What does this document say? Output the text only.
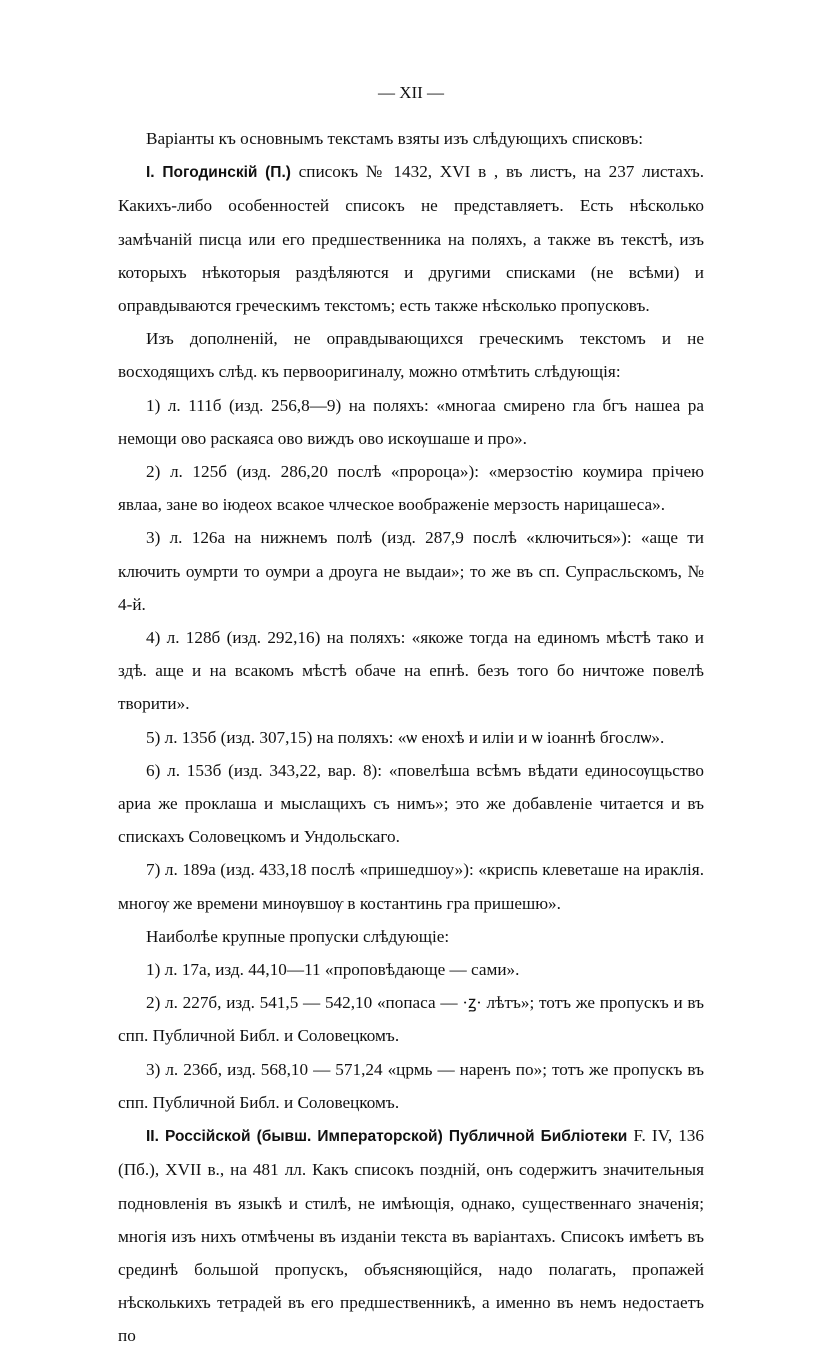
— XII —

Варіанты къ основнымъ текстамъ взяты изъ слѣдующихъ списковъ:

I. Погодинскій (П.) списокъ № 1432, XVI в , въ листъ, на 237 листахъ. Какихъ-либо особенностей списокъ не представляетъ. Есть нѣсколько замѣчаній писца или его предшественника на поляхъ, а также въ текстѣ, изъ которыхъ нѣкоторыя раздѣляются и другими списками (не всѣми) и оправдываются греческимъ текстомъ; есть также нѣсколько пропусковъ.

Изъ дополненій, не оправдывающихся греческимъ текстомъ и не восходящихъ слѣд. къ первооригиналу, можно отмѣтить слѣдующія:

1) л. 111б (изд. 256,8—9) на поляхъ: «многаа смирено гла бгъ нашеа ра немощи ово раскаяса ово виждъ ово искѹшаше и про».

2) л. 125б (изд. 286,20 послѣ «пророца»): «мерзостію коумира прічею явлаа, зане во іюдеох всакое члческое воображеніе мерзость нарицашеса».

3) л. 126а на нижнемъ полѣ (изд. 287,9 послѣ «ключиться»): «аще ти ключить оумрти то оумри а дроуга не выдаи»; то же въ сп. Супрасльскомъ, № 4-й.

4) л. 128б (изд. 292,16) на поляхъ: «якоже тогда на единомъ мѣстѣ тако и здѣ. аще и на всакомъ мѣстѣ обаче на епнѣ. безъ того бо ничтоже повелѣ творити».

5) л. 135б (изд. 307,15) на поляхъ: «ѡ енохѣ и иліи и ѡ іоаннѣ бгослѡ».

6) л. 153б (изд. 343,22, вар. 8): «повелѣша всѣмъ вѣдати единосѹщьство ариа же проклаша и мыслащихъ съ нимъ»; это же добавленіе читается и въ спискахъ Соловецкомъ и Ундольскаго.

7) л. 189а (изд. 433,18 послѣ «пришедшоу»): «криспь клеветаше на ираклія. многѹ же времени минѹвшѹ в костантинь гра пришешю».

Наиболѣе крупные пропуски слѣдующіе:

1) л. 17а, изд. 44,10—11 «проповѣдающе — сами».

2) л. 227б, изд. 541,5 — 542,10 «попаса — ·ꙁ· лѣтъ»; тотъ же пропускъ и въ спп. Публичной Библ. и Соловецкомъ.

3) л. 236б, изд. 568,10 — 571,24 «црмь — наренъ по»; тотъ же пропускъ въ спп. Публичной Библ. и Соловецкомъ.

II. Россійской (бывш. Императорской) Публичной Библіотеки F. IV, 136 (Пб.), XVII в., на 481 лл. Какъ списокъ поздній, онъ содержитъ значительныя подновленія въ языкѣ и стилѣ, не имѣющія, однако, существеннаго значенія; многія изъ нихъ отмѣчены въ изданіи текста въ варіантахъ. Списокъ имѣетъ въ срединѣ большой пропускъ, объясняющійся, надо полагать, пропажей нѣсколькихъ тетрадей въ его предшественникѣ, а именно въ немъ недостаетъ по
